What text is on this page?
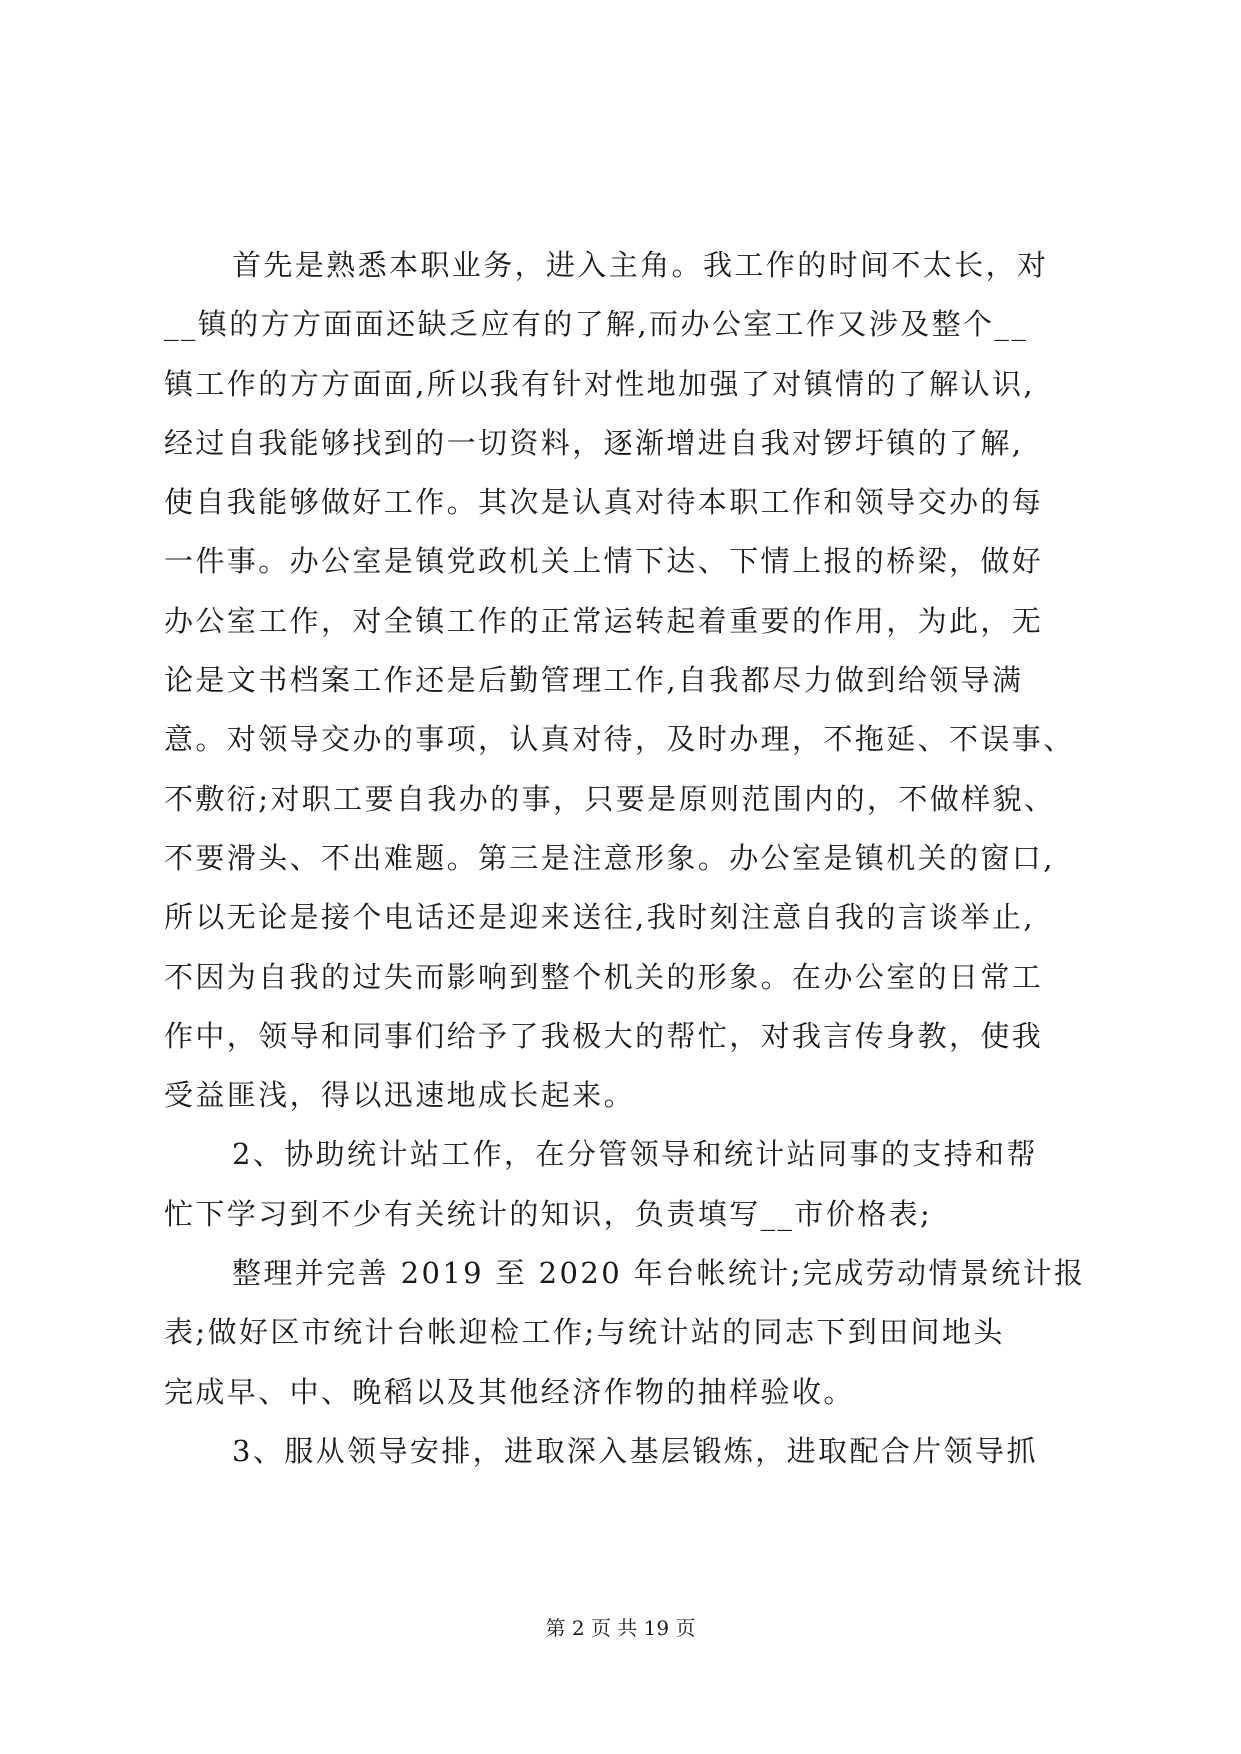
首先是熟悉本职业务，进入主角。我工作的时间不太长，对
__镇的方方面面还缺乏应有的了解,而办公室工作又涉及整个__
镇工作的方方面面,所以我有针对性地加强了对镇情的了解认识,
经过自我能够找到的一切资料，逐渐增进自我对锣圩镇的了解,
使自我能够做好工作。其次是认真对待本职工作和领导交办的每
一件事。办公室是镇党政机关上情下达、下情上报的桥梁，做好
办公室工作，对全镇工作的正常运转起着重要的作用，为此，无
论是文书档案工作还是后勤管理工作,自我都尽力做到给领导满
意。对领导交办的事项，认真对待，及时办理，不拖延、不误事、
不敷衍;对职工要自我办的事，只要是原则范围内的，不做样貌、
不要滑头、不出难题。第三是注意形象。办公室是镇机关的窗口,
所以无论是接个电话还是迎来送往,我时刻注意自我的言谈举止,
不因为自我的过失而影响到整个机关的形象。在办公室的日常工
作中，领导和同事们给予了我极大的帮忙，对我言传身教，使我
受益匪浅，得以迅速地成长起来。
2、协助统计站工作，在分管领导和统计站同事的支持和帮
忙下学习到不少有关统计的知识，负责填写__市价格表;
整理并完善 2019 至 2020 年台帐统计;完成劳动情景统计报
表;做好区市统计台帐迎检工作;与统计站的同志下到田间地头
完成早、中、晚稻以及其他经济作物的抽样验收。
3、服从领导安排，进取深入基层锻炼，进取配合片领导抓
第 2 页 共 19 页
